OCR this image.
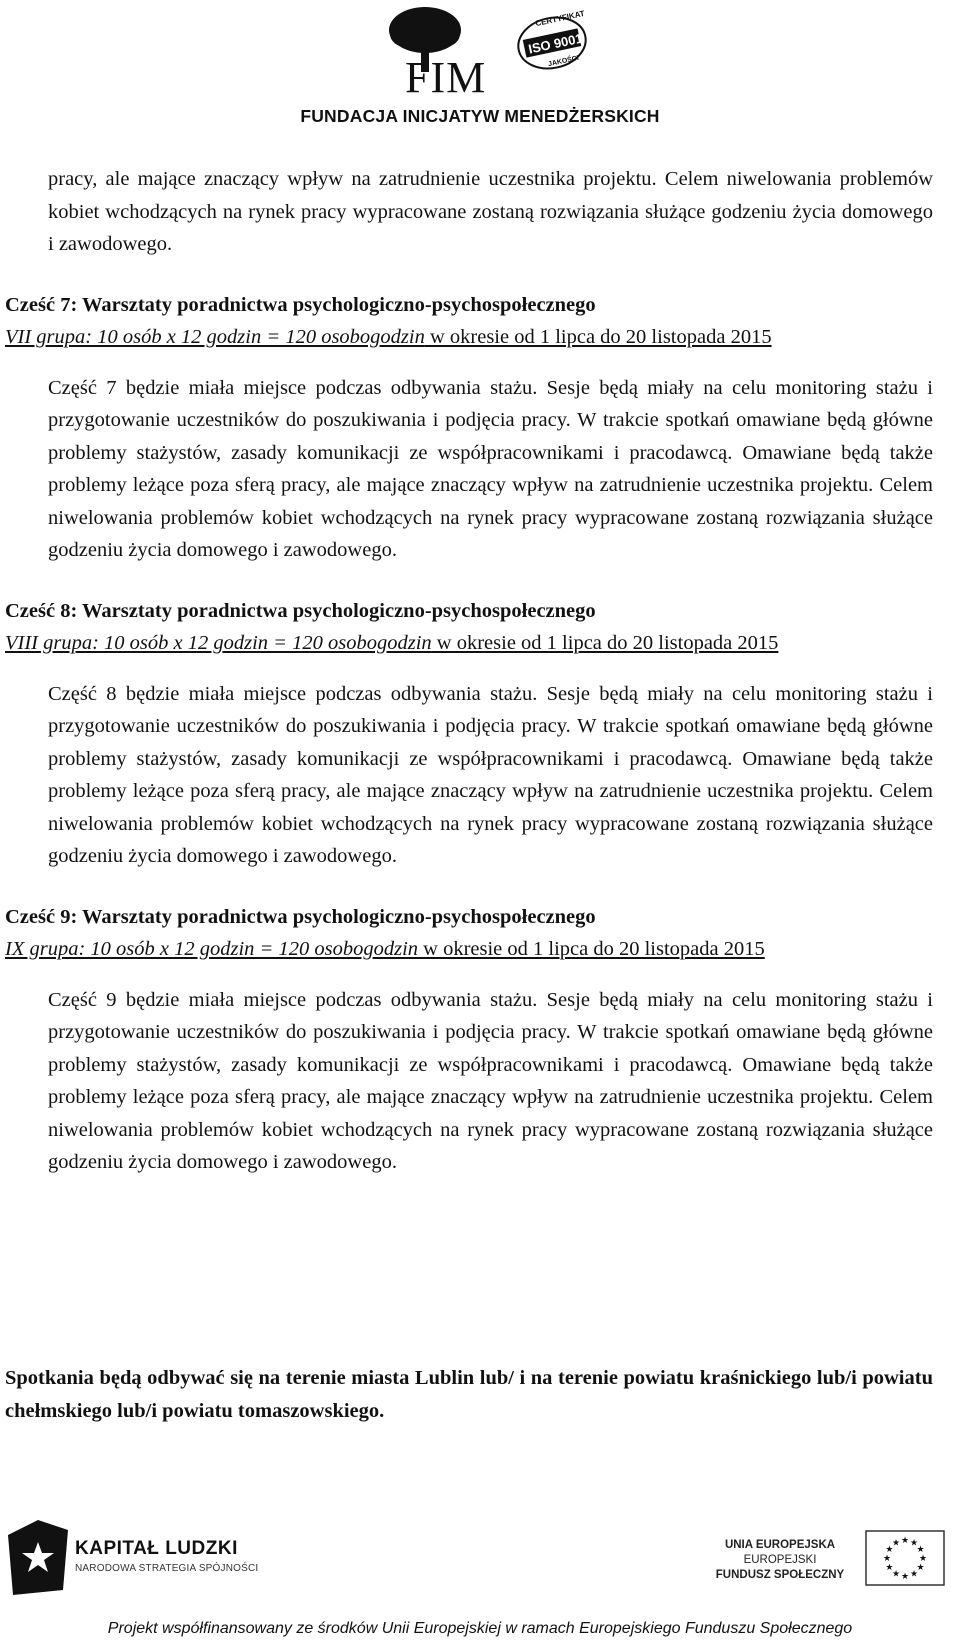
FIM
CERTYFIKAT
ISO 9001
JAKOŚCI
FUNDACJA INICJATYW MENEDŻERSKICH

pracy, ale mające znaczący wpływ na zatrudnienie uczestnika projektu. Celem niwelowania problemów kobiet wchodzących na rynek pracy wypracowane zostaną rozwiązania służące godzeniu życia domowego i zawodowego.

Cześć 7: Warsztaty poradnictwa psychologiczno-psychospołecznego

VII grupa: 10 osób x 12 godzin = 120 osobogodzin w okresie od 1 lipca do 20 listopada 2015

Część 7 będzie miała miejsce podczas odbywania stażu. Sesje będą miały na celu monitoring stażu i przygotowanie uczestników do poszukiwania i podjęcia pracy. W trakcie spotkań omawiane będą główne problemy stażystów, zasady komunikacji ze współpracownikami i pracodawcą. Omawiane będą także problemy leżące poza sferą pracy, ale mające znaczący wpływ na zatrudnienie uczestnika projektu. Celem niwelowania problemów kobiet wchodzących na rynek pracy wypracowane zostaną rozwiązania służące godzeniu życia domowego i zawodowego.

Cześć 8: Warsztaty poradnictwa psychologiczno-psychospołecznego

VIII grupa: 10 osób x 12 godzin = 120 osobogodzin w okresie od 1 lipca do 20 listopada 2015

Część 8 będzie miała miejsce podczas odbywania stażu. Sesje będą miały na celu monitoring stażu i przygotowanie uczestników do poszukiwania i podjęcia pracy. W trakcie spotkań omawiane będą główne problemy stażystów, zasady komunikacji ze współpracownikami i pracodawcą. Omawiane będą także problemy leżące poza sferą pracy, ale mające znaczący wpływ na zatrudnienie uczestnika projektu. Celem niwelowania problemów kobiet wchodzących na rynek pracy wypracowane zostaną rozwiązania służące godzeniu życia domowego i zawodowego.

Cześć 9: Warsztaty poradnictwa psychologiczno-psychospołecznego

IX grupa: 10 osób x 12 godzin = 120 osobogodzin w okresie od 1 lipca do 20 listopada 2015

Część 9 będzie miała miejsce podczas odbywania stażu. Sesje będą miały na celu monitoring stażu i przygotowanie uczestników do poszukiwania i podjęcia pracy. W trakcie spotkań omawiane będą główne problemy stażystów, zasady komunikacji ze współpracownikami i pracodawcą. Omawiane będą także problemy leżące poza sferą pracy, ale mające znaczący wpływ na zatrudnienie uczestnika projektu. Celem niwelowania problemów kobiet wchodzących na rynek pracy wypracowane zostaną rozwiązania służące godzeniu życia domowego i zawodowego.

Spotkania będą odbywać się na terenie miasta Lublin lub/ i na terenie powiatu kraśnickiego lub/i powiatu chełmskiego lub/i powiatu tomaszowskiego.
KAPITAŁ LUDZKI
NARODOWA STRATEGIA SPÓJNOŚCI
UNIA EUROPEJSKA
EUROPEJSKI
FUNDUSZ SPOŁECZNY
★
★
★
★
★
★
★
★
★ ★ ★
★
Projekt współfinansowany ze środków Unii Europejskiej w ramach Europejskiego Funduszu Społecznego
